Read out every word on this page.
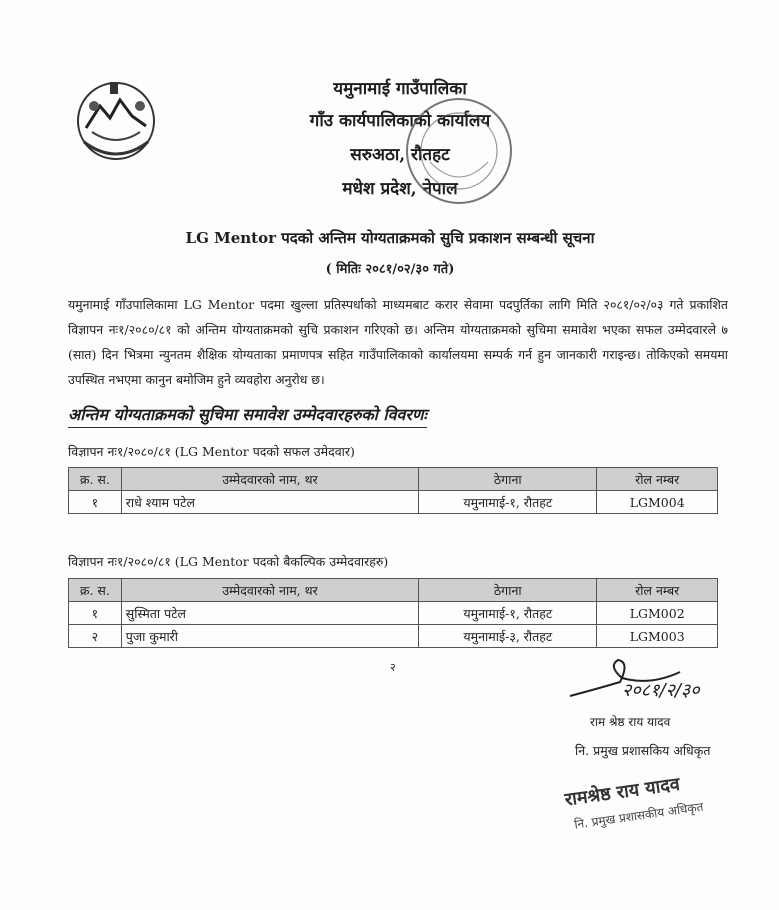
यमुनामाई गाउँपालिका
गाँउ कार्यपालिकाको कार्यालय
सरुअठा, रौतहट
मधेश प्रदेश, नेपाल
LG Mentor पदको अन्तिम योग्यताक्रमको सुचि प्रकाशन सम्बन्धी सूचना
( मितिः २०८१/०२/३० गते)
यमुनामाई गाँउपालिकामा LG Mentor पदमा खुल्ला प्रतिस्पर्धाको माध्यमबाट करार सेवामा पदपुर्तिका लागि मिति २०८१/०२/०३ गते प्रकाशित विज्ञापन नः१/२०८०/८१ को अन्तिम योग्यताक्रमको सुचि प्रकाशन गरिएको छ। अन्तिम योग्यताक्रमको सुचिमा समावेश भएका सफल उम्मेदवारले ७ (सात) दिन भित्रमा न्युनतम शैक्षिक योग्यताका प्रमाणपत्र सहित गाउँपालिकाको कार्यालयमा सम्पर्क गर्न हुन जानकारी गराइन्छ। तोकिएको समयमा उपस्थित नभएमा कानुन बमोजिम हुने व्यवहोरा अनुरोध छ।
अन्तिम योग्यताक्रमको सुचिमा समावेश उम्मेदवारहरुको विवरणः
विज्ञापन नः१/२०८०/८१ (LG Mentor पदको सफल उमेदवार)
क्र. स.	उम्मेदवारको नाम, थर	ठेगाना	रोल नम्बर
१	राधे श्याम पटेल	यमुनामाई-१, रौतहट	LGM004
विज्ञापन नः१/२०८०/८१ (LG Mentor पदको बैकल्पिक उम्मेदवारहरु)
क्र. स.	उम्मेदवारको नाम, थर	ठेगाना	रोल नम्बर
१	सुस्मिता पटेल	यमुनामाई-१, रौतहट	LGM002
२	पुजा कुमारी	यमुनामाई-३, रौतहट	LGM003
२
२०८१/२/३०
राम श्रेष्ठ राय यादव
नि. प्रमुख प्रशासकिय अधिकृत
रामश्रेष्ठ राय यादव
नि. प्रमुख प्रशासकीय अधिकृत
